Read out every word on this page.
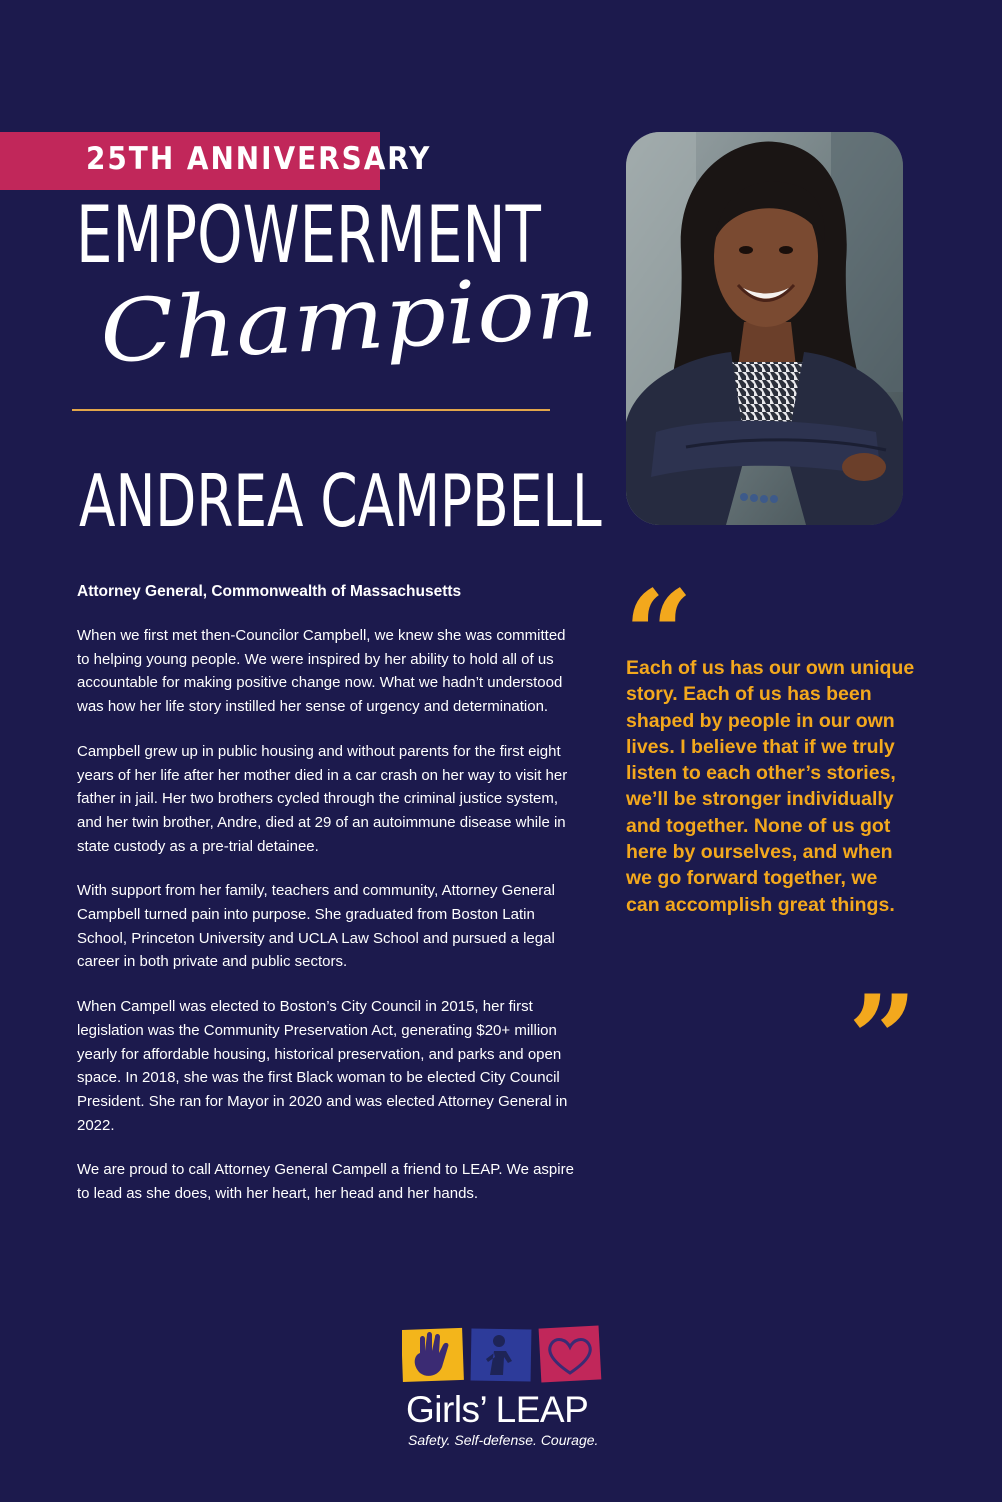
25TH ANNIVERSARY
EMPOWERMENT
Champion
ANDREA CAMPBELL
Attorney General, Commonwealth of Massachusetts

When we first met then-Councilor Campbell, we knew she was committed to helping young people. We were inspired by her ability to hold all of us accountable for making positive change now. What we hadn’t understood was how her life story instilled her sense of urgency and determination.

Campbell grew up in public housing and without parents for the first eight years of her life after her mother died in a car crash on her way to visit her father in jail. Her two brothers cycled through the criminal justice system, and her twin brother, Andre, died at 29 of an autoimmune disease while in state custody as a pre-trial detainee.

With support from her family, teachers and community, Attorney General Campbell turned pain into purpose. She graduated from Boston Latin School, Princeton University and UCLA Law School and pursued a legal career in both private and public sectors.

When Campell was elected to Boston’s City Council in 2015, her first legislation was the Community Preservation Act, generating $20+ million yearly for affordable housing, historical preservation, and parks and open space. In 2018, she was the first Black woman to be elected City Council President. She ran for Mayor in 2020 and was elected Attorney General in 2022.

We are proud to call Attorney General Campell a friend to LEAP. We aspire to lead as she does, with her heart, her head and her hands.

“

Each of us has our own unique story. Each of us has been shaped by people in our own lives. I believe that if we truly listen to each other’s stories, we’ll be stronger individually and together. None of us got here by ourselves, and when we go forward together, we can accomplish great things.

”
Girls’ LEAP
Safety. Self-defense. Courage.
